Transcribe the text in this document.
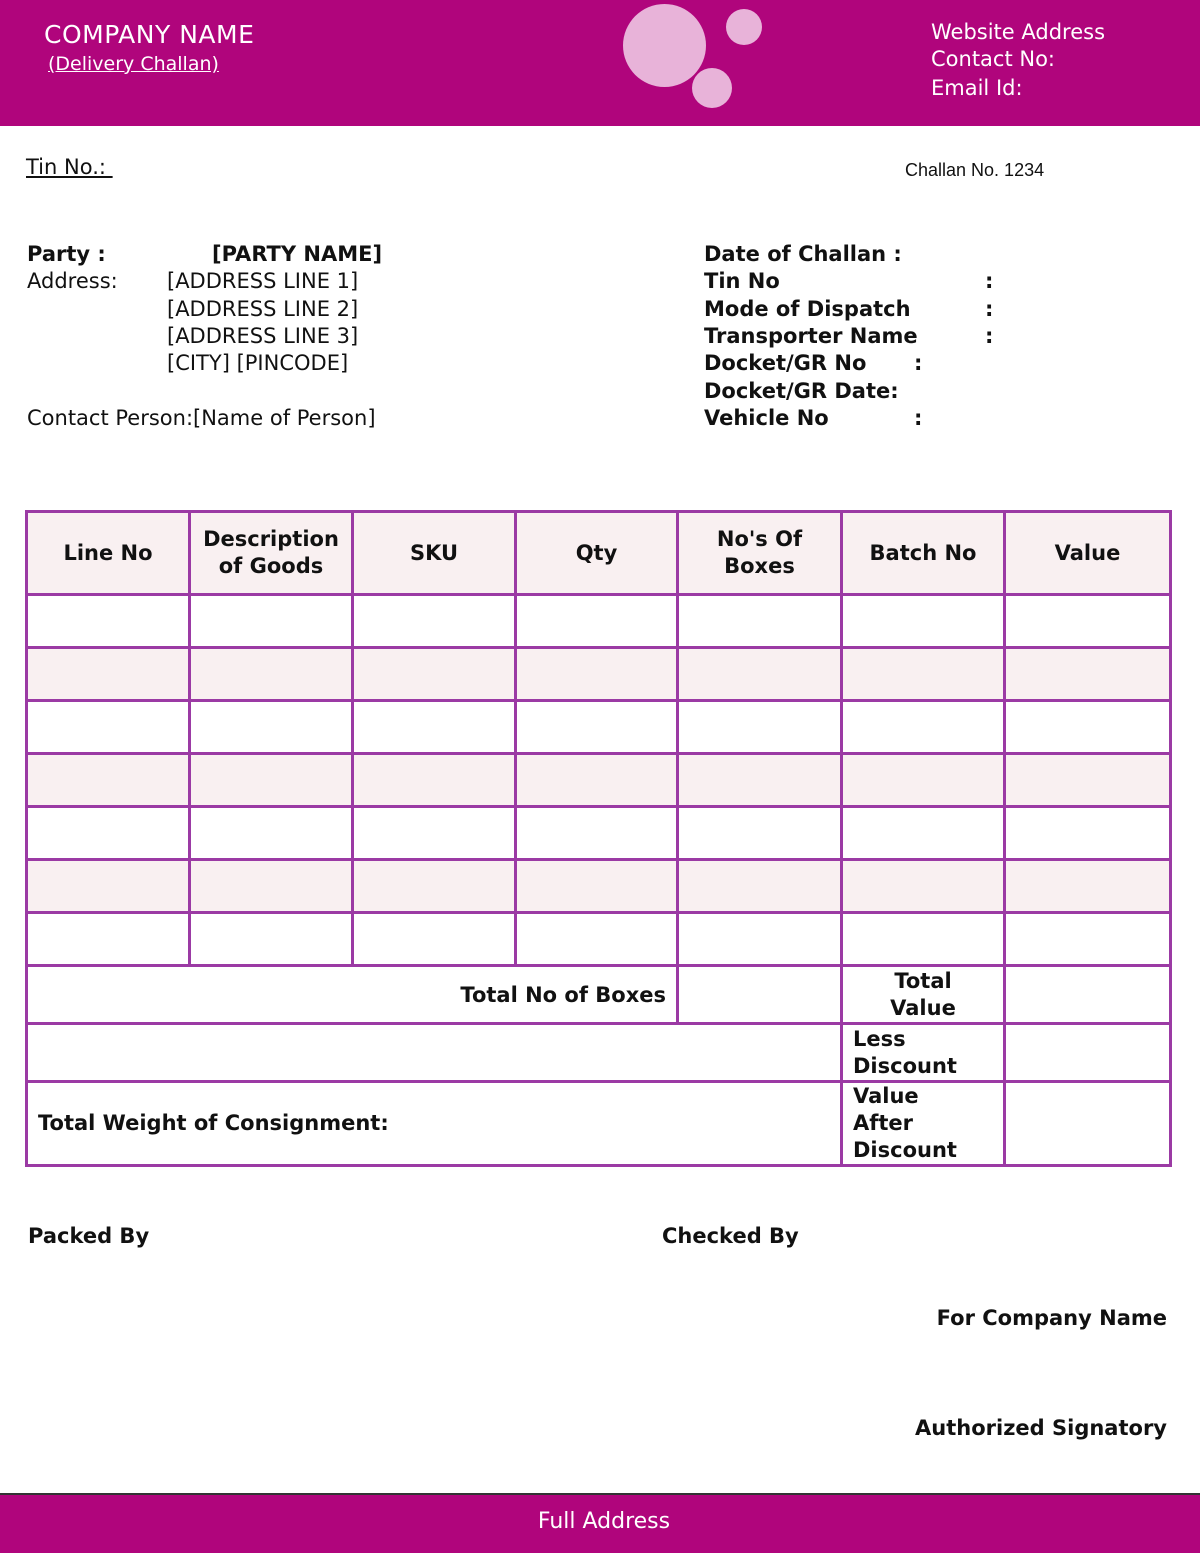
COMPANY NAME
(Delivery Challan)
Website Address
Contact No:
Email Id:
Tin No.:	Challan No. 1234
Party :	[PARTY NAME]
Address: [ADDRESS LINE 1]
[ADDRESS LINE 2]
[ADDRESS LINE 3]
[CITY] [PINCODE]
Contact Person:[Name of Person]
Date of Challan :
Tin No	:
Mode of Dispatch	:
Transporter Name	:
Docket/GR No :
Docket/GR Date:
Vehicle No	:
Line No	Description of Goods	SKU	Qty	No's Of Boxes	Batch No	Value

Total No of Boxes					Total Value	
					Less Discount	
Total Weight of Consignment:					Value After Discount	
Packed By	Checked By
For Company Name
Authorized Signatory
Full Address
